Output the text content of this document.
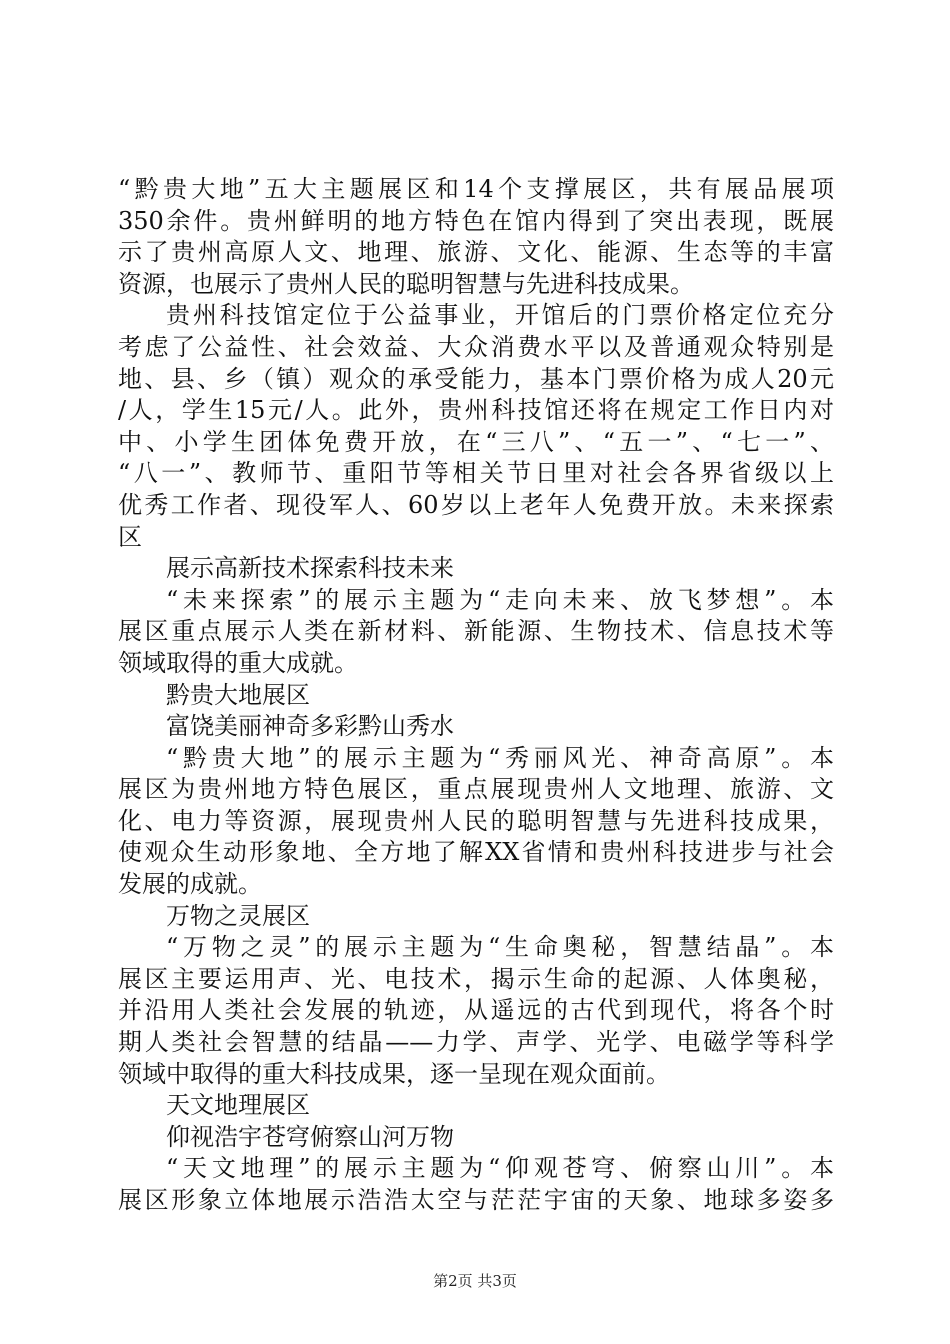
“黔贵大地”五大主题展区和14个支撑展区，共有展品展项
350余件。贵州鲜明的地方特色在馆内得到了突出表现，既展
示了贵州高原人文、地理、旅游、文化、能源、生态等的丰富
资源，也展示了贵州人民的聪明智慧与先进科技成果。
贵州科技馆定位于公益事业，开馆后的门票价格定位充分
考虑了公益性、社会效益、大众消费水平以及普通观众特别是
地、县、乡（镇）观众的承受能力，基本门票价格为成人20元
/人，学生15元/人。此外，贵州科技馆还将在规定工作日内对
中、小学生团体免费开放，在“三八”、“五一”、“七一”、
“八一”、教师节、重阳节等相关节日里对社会各界省级以上
优秀工作者、现役军人、60岁以上老年人免费开放。未来探索
区
展示高新技术探索科技未来
“未来探索”的展示主题为“走向未来、放飞梦想”。本
展区重点展示人类在新材料、新能源、生物技术、信息技术等
领域取得的重大成就。
黔贵大地展区
富饶美丽神奇多彩黔山秀水
“黔贵大地”的展示主题为“秀丽风光、神奇高原”。本
展区为贵州地方特色展区，重点展现贵州人文地理、旅游、文
化、电力等资源，展现贵州人民的聪明智慧与先进科技成果，
使观众生动形象地、全方地了解XX省情和贵州科技进步与社会
发展的成就。
万物之灵展区
“万物之灵”的展示主题为“生命奥秘，智慧结晶”。本
展区主要运用声、光、电技术，揭示生命的起源、人体奥秘，
并沿用人类社会发展的轨迹，从遥远的古代到现代，将各个时
期人类社会智慧的结晶——力学、声学、光学、电磁学等科学
领域中取得的重大科技成果，逐一呈现在观众面前。
天文地理展区
仰视浩宇苍穹俯察山河万物
“天文地理”的展示主题为“仰观苍穹、俯察山川”。本
展区形象立体地展示浩浩太空与茫茫宇宙的天象、地球多姿多
第2页 共3页
